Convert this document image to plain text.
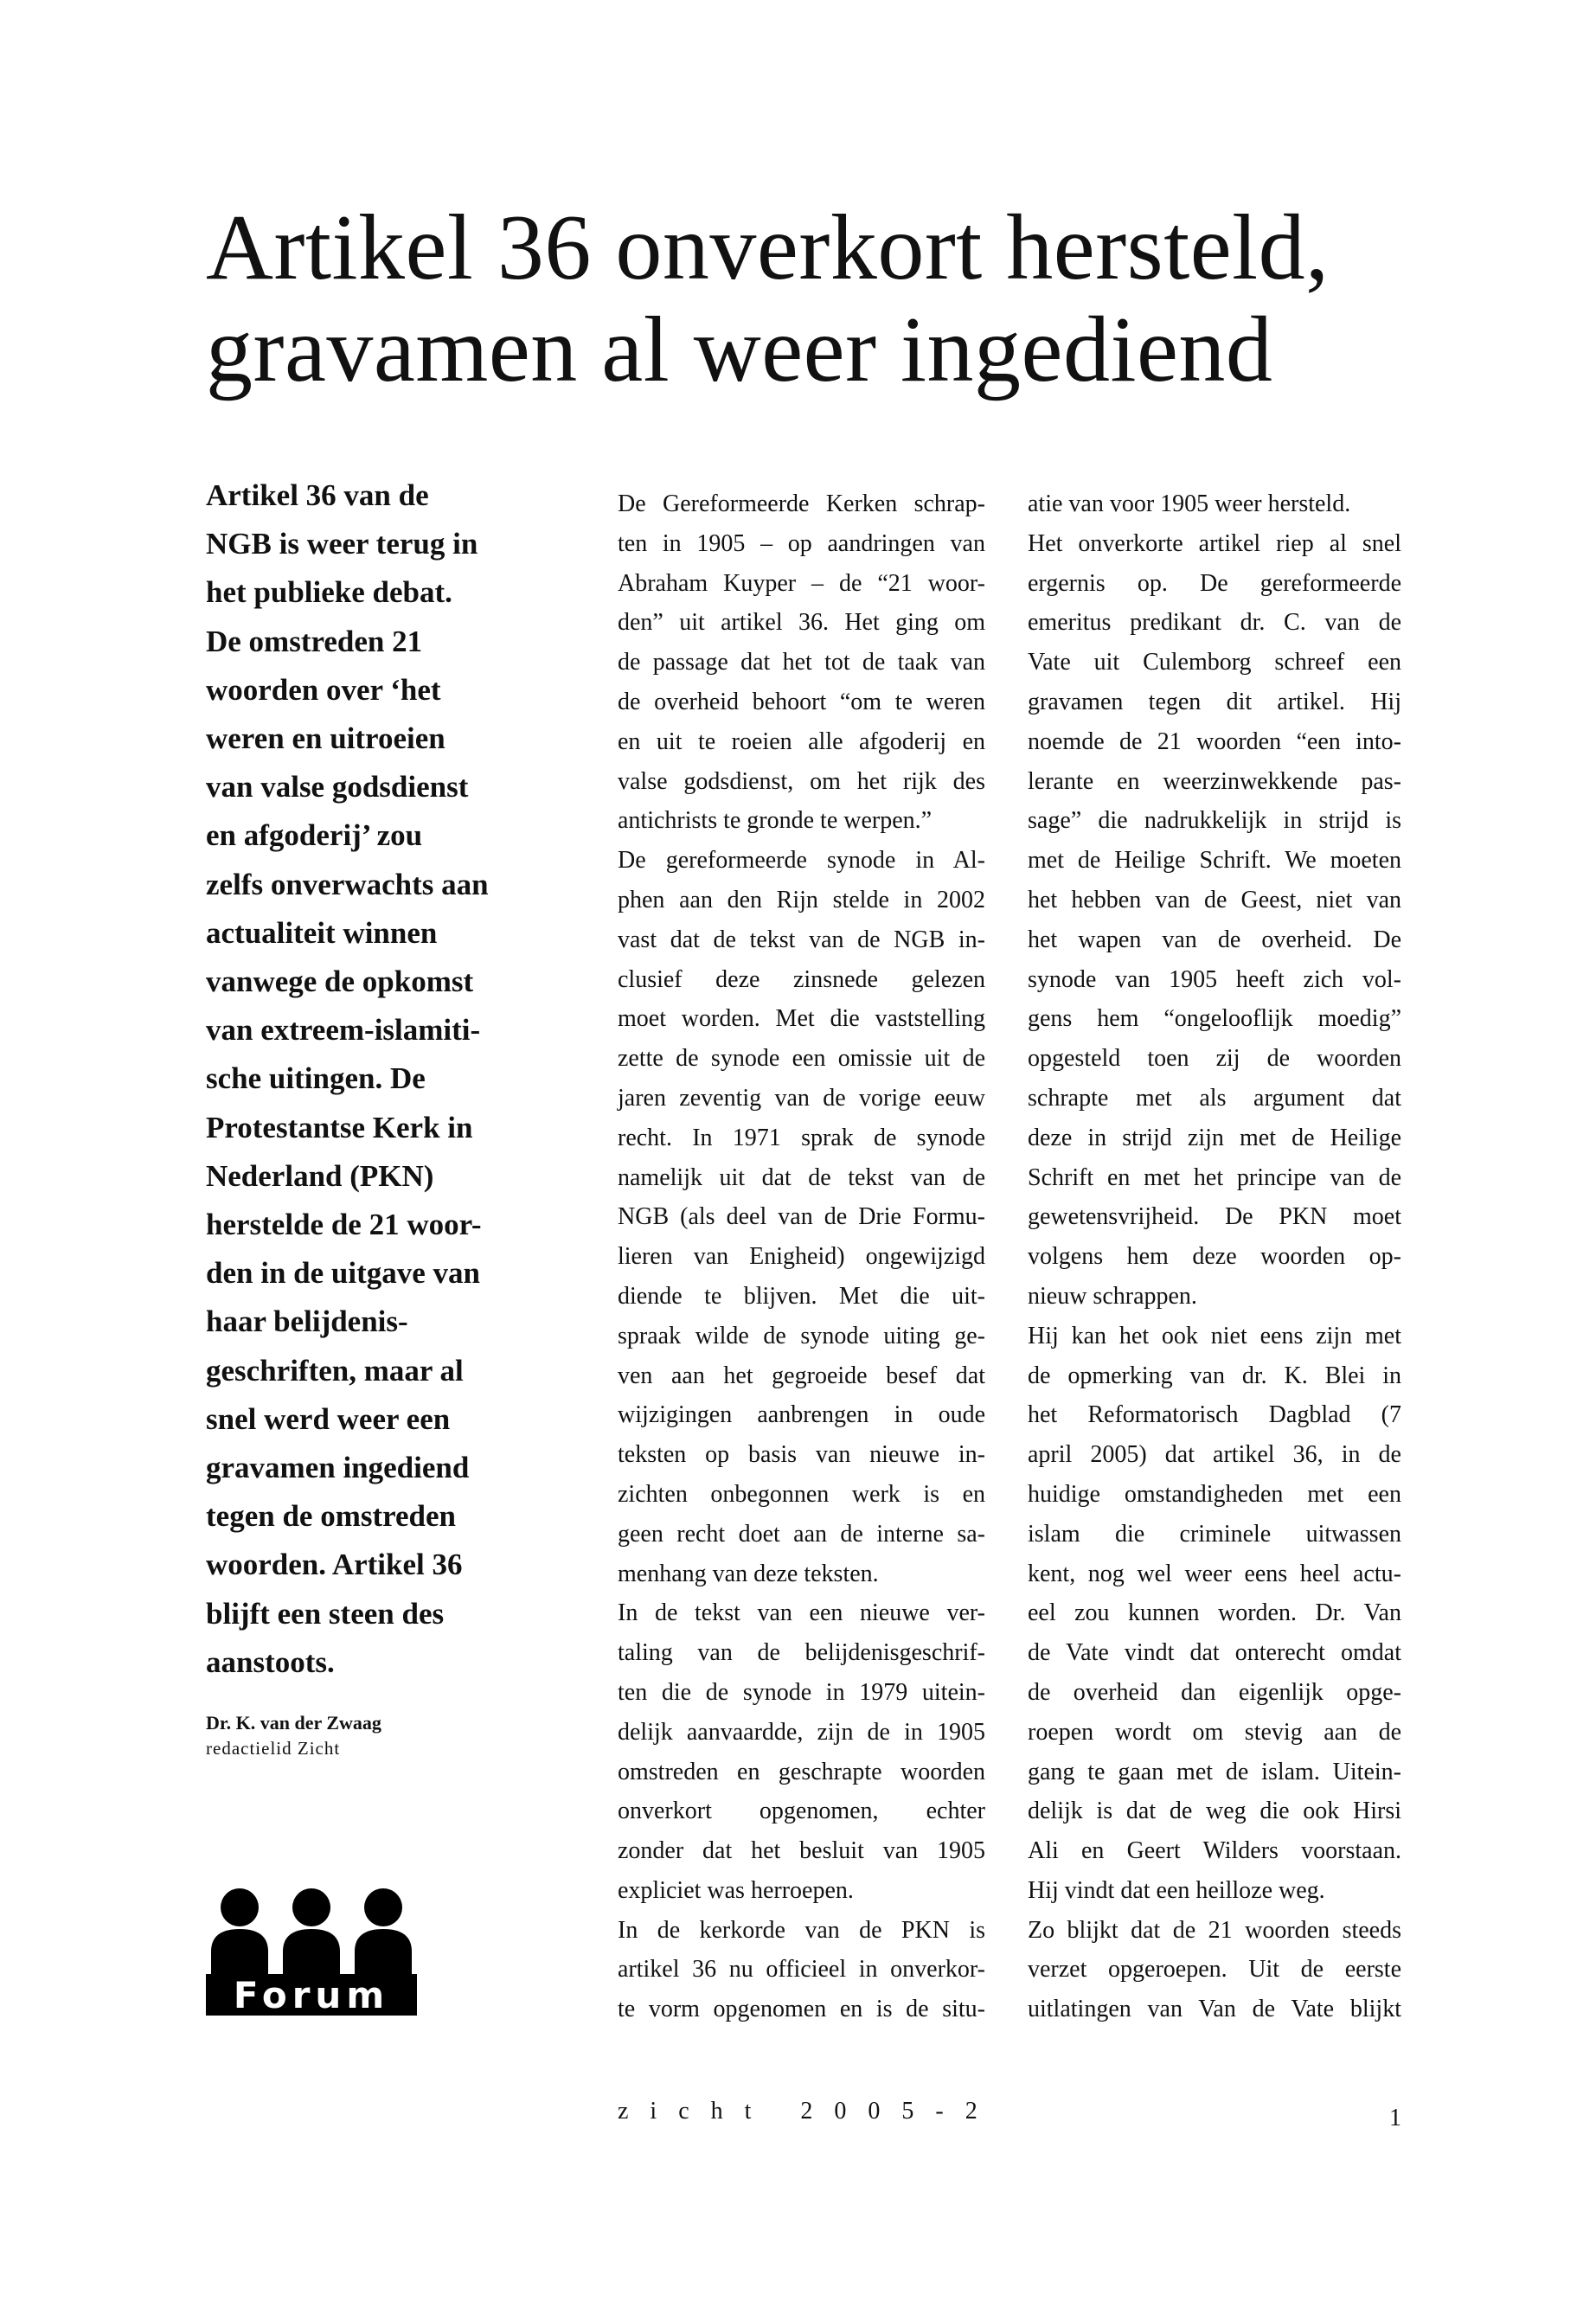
Artikel 36 onverkort hersteld,
gravamen al weer ingediend
Artikel 36 van de
NGB is weer terug in
het publieke debat.
De omstreden 21
woorden over ‘het
weren en uitroeien
van valse godsdienst
en afgoderij’ zou
zelfs onverwachts aan
actualiteit winnen
vanwege de opkomst
van extreem-islamiti-
sche uitingen. De
Protestantse Kerk in
Nederland (PKN)
herstelde de 21 woor-
den in de uitgave van
haar belijdenis-
geschriften, maar al
snel werd weer een
gravamen ingediend
tegen de omstreden
woorden. Artikel 36
blijft een steen des
aanstoots.
Dr. K. van der Zwaag
redactielid Zicht
Forum
De Gereformeerde Kerken schrap-
ten in 1905 – op aandringen van
Abraham Kuyper – de “21 woor-
den” uit artikel 36. Het ging om
de passage dat het tot de taak van
de overheid behoort “om te weren
en uit te roeien alle afgoderij en
valse godsdienst, om het rijk des
antichrists te gronde te werpen.”
De gereformeerde synode in Al-
phen aan den Rijn stelde in 2002
vast dat de tekst van de NGB in-
clusief deze zinsnede gelezen
moet worden. Met die vaststelling
zette de synode een omissie uit de
jaren zeventig van de vorige eeuw
recht. In 1971 sprak de synode
namelijk uit dat de tekst van de
NGB (als deel van de Drie Formu-
lieren van Enigheid) ongewijzigd
diende te blijven. Met die uit-
spraak wilde de synode uiting ge-
ven aan het gegroeide besef dat
wijzigingen aanbrengen in oude
teksten op basis van nieuwe in-
zichten onbegonnen werk is en
geen recht doet aan de interne sa-
menhang van deze teksten.
In de tekst van een nieuwe ver-
taling van de belijdenisgeschrif-
ten die de synode in 1979 uitein-
delijk aanvaardde, zijn de in 1905
omstreden en geschrapte woorden
onverkort opgenomen, echter
zonder dat het besluit van 1905
expliciet was herroepen.
In de kerkorde van de PKN is
artikel 36 nu officieel in onverkor-
te vorm opgenomen en is de situ-
atie van voor 1905 weer hersteld.
Het onverkorte artikel riep al snel
ergernis op. De gereformeerde
emeritus predikant dr. C. van de
Vate uit Culemborg schreef een
gravamen tegen dit artikel. Hij
noemde de 21 woorden “een into-
lerante en weerzinwekkende pas-
sage” die nadrukkelijk in strijd is
met de Heilige Schrift. We moeten
het hebben van de Geest, niet van
het wapen van de overheid. De
synode van 1905 heeft zich vol-
gens hem “ongelooflijk moedig”
opgesteld toen zij de woorden
schrapte met als argument dat
deze in strijd zijn met de Heilige
Schrift en met het principe van de
gewetensvrijheid. De PKN moet
volgens hem deze woorden op-
nieuw schrappen.
Hij kan het ook niet eens zijn met
de opmerking van dr. K. Blei in
het Reformatorisch Dagblad (7
april 2005) dat artikel 36, in de
huidige omstandigheden met een
islam die criminele uitwassen
kent, nog wel weer eens heel actu-
eel zou kunnen worden. Dr. Van
de Vate vindt dat onterecht omdat
de overheid dan eigenlijk opge-
roepen wordt om stevig aan de
gang te gaan met de islam. Uitein-
delijk is dat de weg die ook Hirsi
Ali en Geert Wilders voorstaan.
Hij vindt dat een heilloze weg.
Zo blijkt dat de 21 woorden steeds
verzet opgeroepen. Uit de eerste
uitlatingen van Van de Vate blijkt
zicht 2005-2	1
